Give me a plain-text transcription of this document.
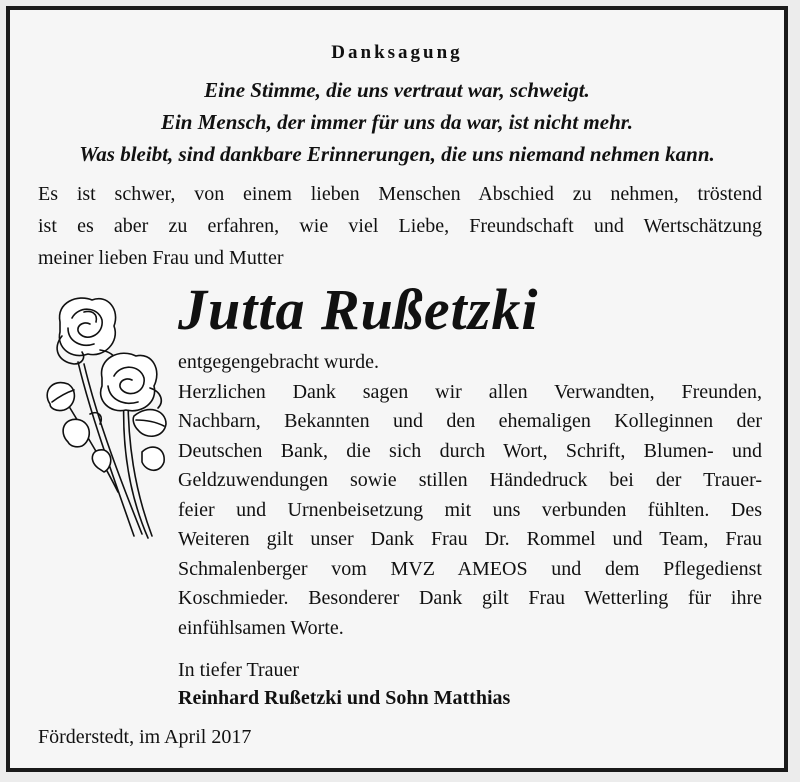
Danksagung
Eine Stimme, die uns vertraut war, schweigt.
Ein Mensch, der immer für uns da war, ist nicht mehr.
Was bleibt, sind dankbare Erinnerungen, die uns niemand nehmen kann.
Es ist schwer, von einem lieben Menschen Abschied zu nehmen, tröstend
ist es aber zu erfahren, wie viel Liebe, Freundschaft und Wertschätzung
meiner lieben Frau und Mutter
Jutta Rußetzki
entgegengebracht wurde.
Herzlichen Dank sagen wir allen Verwandten, Freunden,
Nachbarn, Bekannten und den ehemaligen Kolleginnen der
Deutschen Bank, die sich durch Wort, Schrift, Blumen- und
Geldzuwendungen sowie stillen Händedruck bei der Trauer-
feier und Urnenbeisetzung mit uns verbunden fühlten. Des
Weiteren gilt unser Dank Frau Dr. Rommel und Team, Frau
Schmalenberger vom MVZ AMEOS und dem Pflegedienst
Koschmieder. Besonderer Dank gilt Frau Wetterling für ihre
einfühlsamen Worte.
In tiefer Trauer
Reinhard Rußetzki und Sohn Matthias
Förderstedt, im April 2017
